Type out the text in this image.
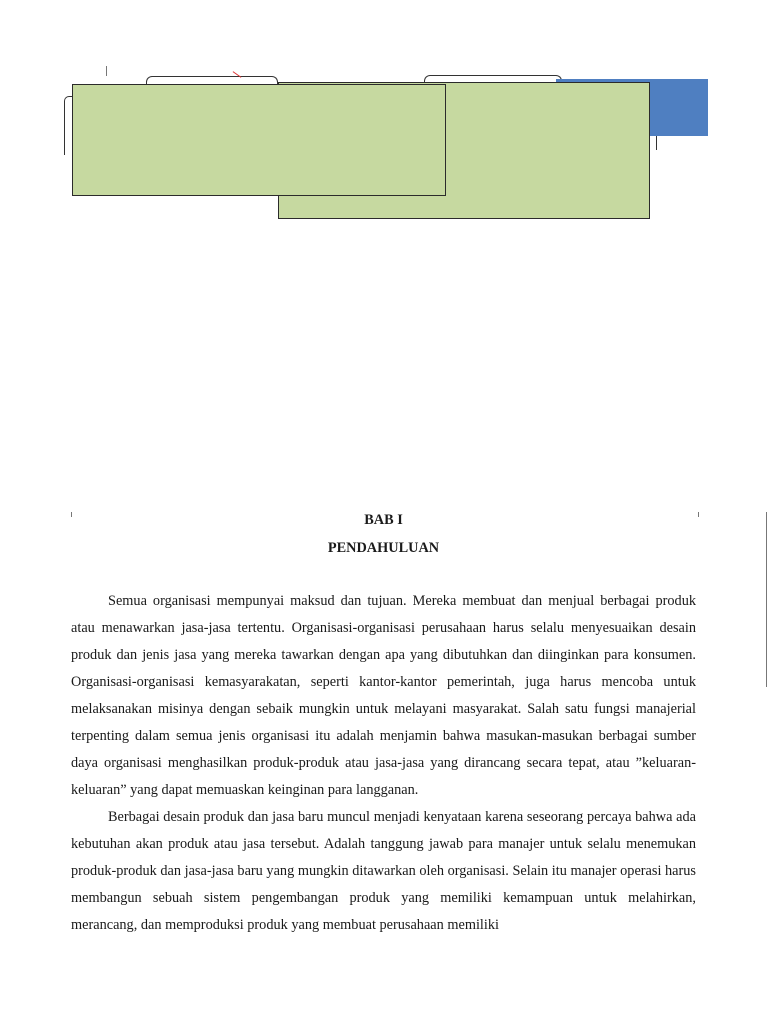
BAB I
PENDAHULUAN

Semua organisasi mempunyai maksud dan tujuan. Mereka membuat dan menjual berbagai produk atau menawarkan jasa-jasa tertentu. Organisasi-organisasi perusahaan harus selalu menyesuaikan desain produk dan jenis jasa yang mereka tawarkan dengan apa yang dibutuhkan dan diinginkan para konsumen. Organisasi-organisasi kemasyarakatan, seperti kantor-kantor pemerintah, juga harus mencoba untuk melaksanakan misinya dengan sebaik mungkin untuk melayani masyarakat. Salah satu fungsi manajerial terpenting dalam semua jenis organisasi itu adalah menjamin bahwa masukan-masukan berbagai sumber daya organisasi menghasilkan produk-produk atau jasa-jasa yang dirancang secara tepat, atau ”keluaran-keluaran” yang dapat memuaskan keinginan para langganan.

Berbagai desain produk dan jasa baru muncul menjadi kenyataan karena seseorang percaya bahwa ada kebutuhan akan produk atau jasa tersebut. Adalah tanggung jawab para manajer untuk selalu menemukan produk-produk dan jasa-jasa baru yang mungkin ditawarkan oleh organisasi. Selain itu manajer operasi harus membangun sebuah sistem pengembangan produk yang memiliki kemampuan untuk melahirkan, merancang, dan memproduksi produk yang membuat perusahaan memiliki
